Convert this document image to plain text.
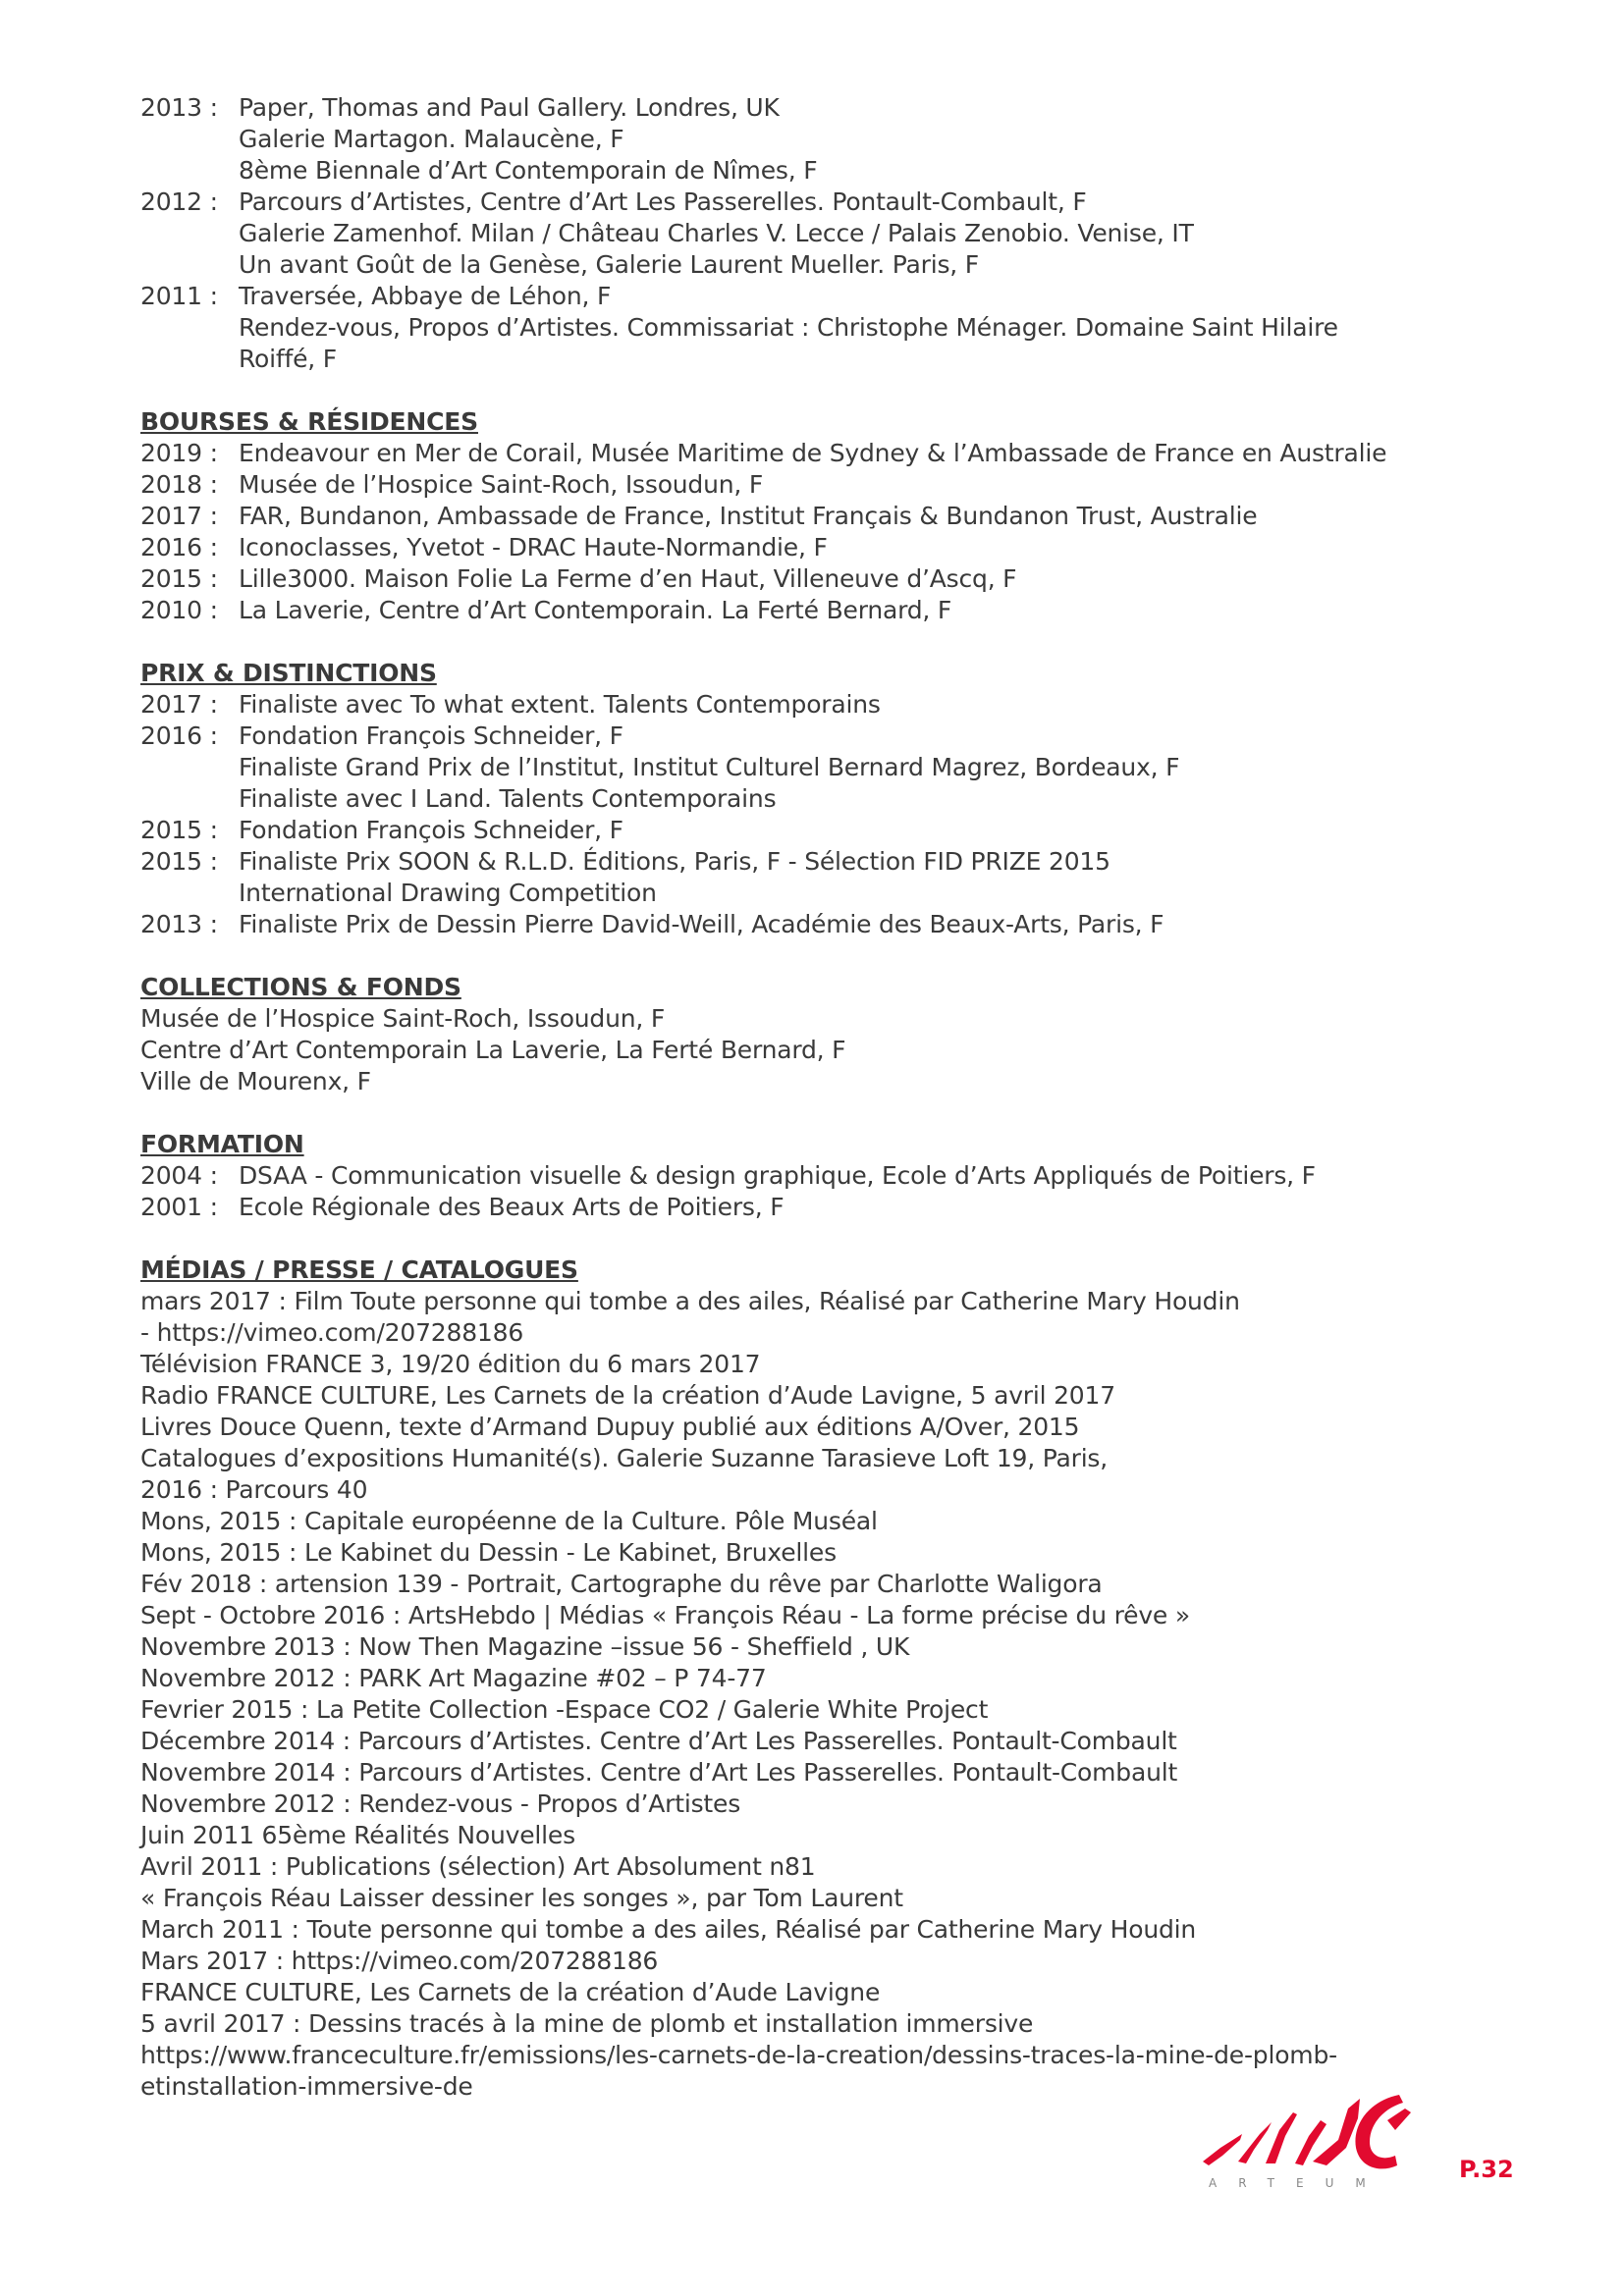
2013 : Paper, Thomas and Paul Gallery. Londres, UK
Galerie Martagon. Malaucène, F
8ème Biennale d’Art Contemporain de Nîmes, F
2012 : Parcours d’Artistes, Centre d’Art Les Passerelles. Pontault-Combault, F
Galerie Zamenhof. Milan / Château Charles V. Lecce / Palais Zenobio. Venise, IT
Un avant Goût de la Genèse, Galerie Laurent Mueller. Paris, F
2011 : Traversée, Abbaye de Léhon, F
Rendez-vous, Propos d’Artistes. Commissariat : Christophe Ménager. Domaine Saint Hilaire
Roiffé, F
BOURSES & RÉSIDENCES
2019 : Endeavour en Mer de Corail, Musée Maritime de Sydney & l’Ambassade de France en Australie
2018 : Musée de l’Hospice Saint-Roch, Issoudun, F
2017 : FAR, Bundanon, Ambassade de France, Institut Français & Bundanon Trust, Australie
2016 : Iconoclasses, Yvetot - DRAC Haute-Normandie, F
2015 : Lille3000. Maison Folie La Ferme d’en Haut, Villeneuve d’Ascq, F
2010 : La Laverie, Centre d’Art Contemporain. La Ferté Bernard, F
PRIX & DISTINCTIONS
2017 : Finaliste avec To what extent. Talents Contemporains
2016 : Fondation François Schneider, F
Finaliste Grand Prix de l’Institut, Institut Culturel Bernard Magrez, Bordeaux, F
Finaliste avec I Land. Talents Contemporains
2015 : Fondation François Schneider, F
2015 : Finaliste Prix SOON & R.L.D. Éditions, Paris, F - Sélection FID PRIZE 2015
International Drawing Competition
2013 : Finaliste Prix de Dessin Pierre David-Weill, Académie des Beaux-Arts, Paris, F
COLLECTIONS & FONDS
Musée de l’Hospice Saint-Roch, Issoudun, F
Centre d’Art Contemporain La Laverie, La Ferté Bernard, F
Ville de Mourenx, F
FORMATION
2004 : DSAA - Communication visuelle & design graphique, Ecole d’Arts Appliqués de Poitiers, F
2001 : Ecole Régionale des Beaux Arts de Poitiers, F
MÉDIAS / PRESSE / CATALOGUES
mars 2017 : Film Toute personne qui tombe a des ailes, Réalisé par Catherine Mary Houdin
- https://vimeo.com/207288186
Télévision FRANCE 3, 19/20 édition du 6 mars 2017
Radio FRANCE CULTURE, Les Carnets de la création d’Aude Lavigne, 5 avril 2017
Livres Douce Quenn, texte d’Armand Dupuy publié aux éditions A/Over, 2015
Catalogues d’expositions Humanité(s). Galerie Suzanne Tarasieve Loft 19, Paris,
2016 : Parcours 40
Mons, 2015 : Capitale européenne de la Culture. Pôle Muséal
Mons, 2015 : Le Kabinet du Dessin - Le Kabinet, Bruxelles
Fév 2018 : artension 139 - Portrait, Cartographe du rêve par Charlotte Waligora
Sept - Octobre 2016 : ArtsHebdo | Médias « François Réau - La forme précise du rêve »
Novembre 2013 : Now Then Magazine –issue 56 - Sheffield , UK
Novembre 2012 : PARK Art Magazine #02 – P 74-77
Fevrier 2015 : La Petite Collection -Espace CO2 / Galerie White Project
Décembre 2014 : Parcours d’Artistes. Centre d’Art Les Passerelles. Pontault-Combault
Novembre 2014 : Parcours d’Artistes. Centre d’Art Les Passerelles. Pontault-Combault
Novembre 2012 : Rendez-vous - Propos d’Artistes
Juin 2011 65ème Réalités Nouvelles
Avril 2011 : Publications (sélection) Art Absolument n81
« François Réau Laisser dessiner les songes », par Tom Laurent
March 2011 : Toute personne qui tombe a des ailes, Réalisé par Catherine Mary Houdin
Mars 2017 : https://vimeo.com/207288186
FRANCE CULTURE, Les Carnets de la création d’Aude Lavigne
5 avril 2017 : Dessins tracés à la mine de plomb et installation immersive
https://www.franceculture.fr/emissions/les-carnets-de-la-creation/dessins-traces-la-mine-de-plomb-
etinstallation-immersive-de
ARTEUM	P.32
